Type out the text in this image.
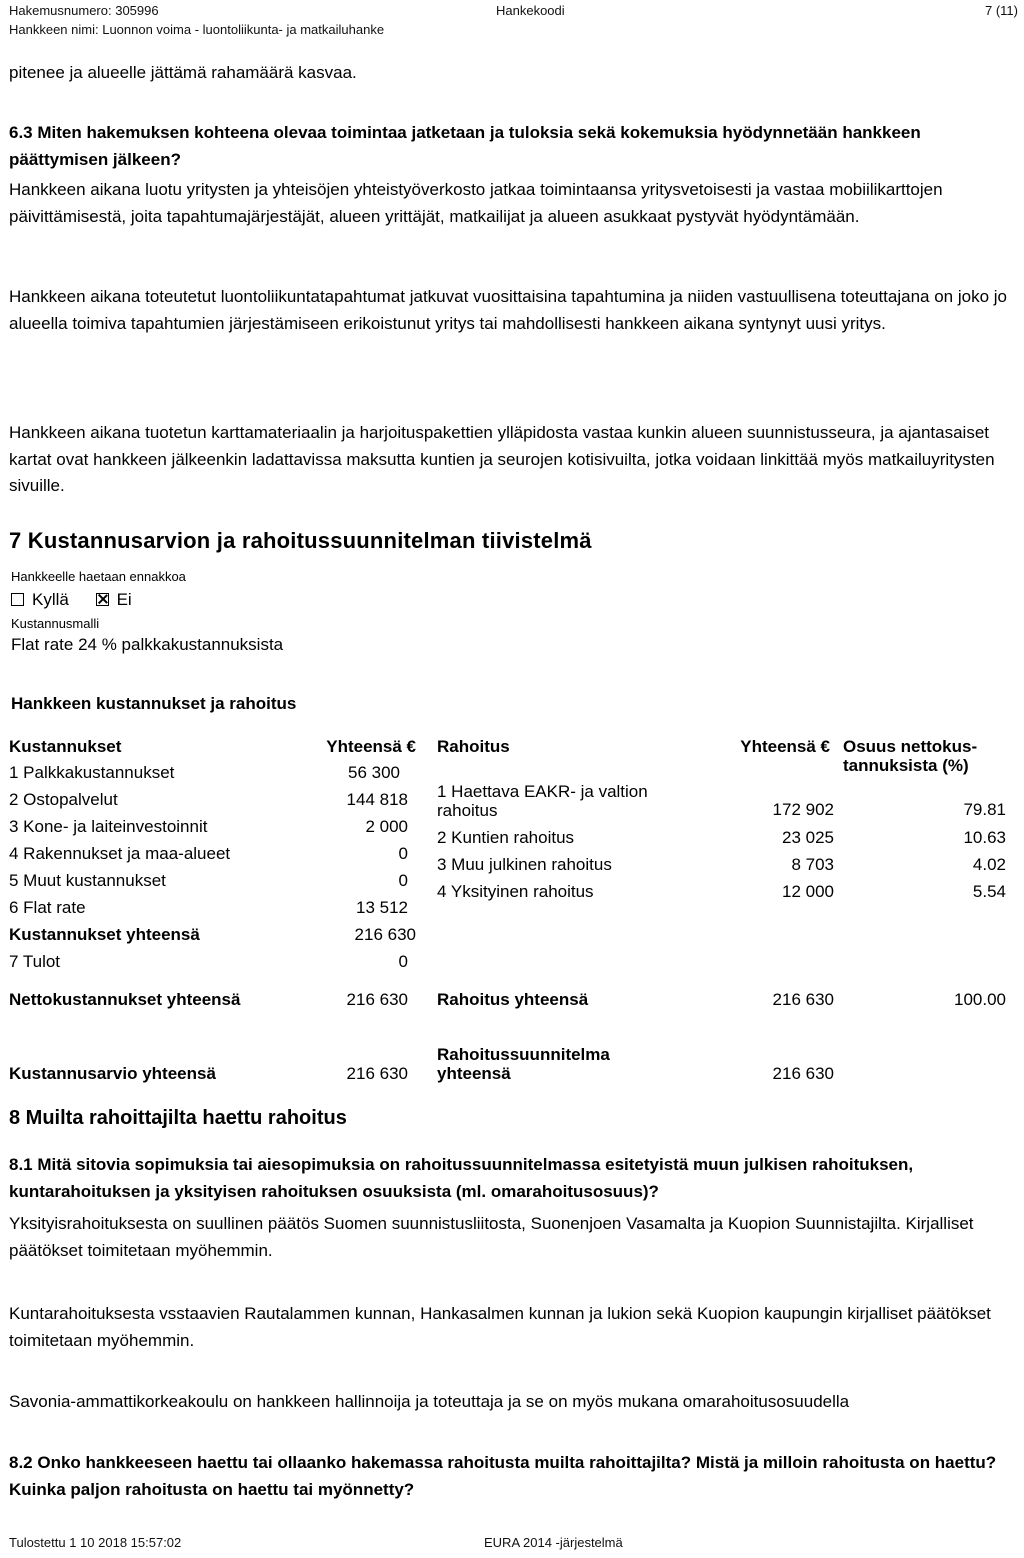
Hakemusnumero: 305996
Hankkeen nimi: Luonnon voima - luontoliikunta- ja matkailuhanke
Hankekoodi	7 (11)

pitenee ja alueelle jättämä rahamäärä kasvaa.

6.3 Miten hakemuksen kohteena olevaa toimintaa jatketaan ja tuloksia sekä kokemuksia hyödynnetään hankkeen päättymisen jälkeen?

Hankkeen aikana luotu yritysten ja yhteisöjen yhteistyöverkosto jatkaa toimintaansa yritysvetoisesti ja vastaa mobiilikarttojen päivittämisestä, joita tapahtumajärjestäjät, alueen yrittäjät, matkailijat ja alueen asukkaat pystyvät hyödyntämään.

Hankkeen aikana toteutetut luontoliikuntatapahtumat jatkuvat vuosittaisina tapahtumina ja niiden vastuullisena toteuttajana on joko jo alueella toimiva tapahtumien järjestämiseen erikoistunut yritys tai mahdollisesti hankkeen aikana syntynyt uusi yritys.

Hankkeen aikana tuotetun karttamateriaalin ja harjoituspakettien ylläpidosta vastaa kunkin alueen suunnistusseura, ja ajantasaiset kartat ovat hankkeen jälkeenkin ladattavissa maksutta kuntien ja seurojen kotisivuilta, jotka voidaan linkittää myös matkailuyritysten sivuille.

7 Kustannusarvion ja rahoitussuunnitelman tiivistelmä
Hankkeelle haetaan ennakkoa
Kyllä	Ei
Kustannusmalli
Flat rate 24 % palkkakustannuksista
Hankkeen kustannukset ja rahoitus
Kustannukset	Yhteensä €
1 Palkkakustannukset	56 300
2 Ostopalvelut	144 818
3 Kone- ja laiteinvestoinnit	2 000
4 Rakennukset ja maa-alueet	0
5 Muut kustannukset	0
6 Flat rate	13 512
Kustannukset yhteensä	216 630
7 Tulot	0
Nettokustannukset yhteensä	216 630
Kustannusarvio yhteensä	216 630
Rahoitus	Yhteensä € Osuus nettokus-tannuksista (%)
1 Haettava EAKR- ja valtion rahoitus	172 902	79.81
2 Kuntien rahoitus	23 025	10.63
3 Muu julkinen rahoitus	8 703	4.02
4 Yksityinen rahoitus	12 000	5.54
Rahoitus yhteensä	216 630	100.00
Rahoitussuunnitelma yhteensä	216 630
8 Muilta rahoittajilta haettu rahoitus

8.1 Mitä sitovia sopimuksia tai aiesopimuksia on rahoitussuunnitelmassa esitetyistä muun julkisen rahoituksen, kuntarahoituksen ja yksityisen rahoituksen osuuksista (ml. omarahoitusosuus)?

Yksityisrahoituksesta on suullinen päätös Suomen suunnistusliitosta, Suonenjoen Vasamalta ja Kuopion Suunnistajilta. Kirjalliset päätökset toimitetaan myöhemmin.

Kuntarahoituksesta vsstaavien Rautalammen kunnan, Hankasalmen kunnan ja lukion sekä Kuopion kaupungin kirjalliset päätökset toimitetaan myöhemmin.

Savonia-ammattikorkeakoulu on hankkeen hallinnoija ja toteuttaja ja se on myös mukana omarahoitusosuudella

8.2 Onko hankkeeseen haettu tai ollaanko hakemassa rahoitusta muilta rahoittajilta? Mistä ja milloin rahoitusta on haettu? Kuinka paljon rahoitusta on haettu tai myönnetty?

Tulostettu 1 10 2018 15:57:02	EURA 2014 -järjestelmä
